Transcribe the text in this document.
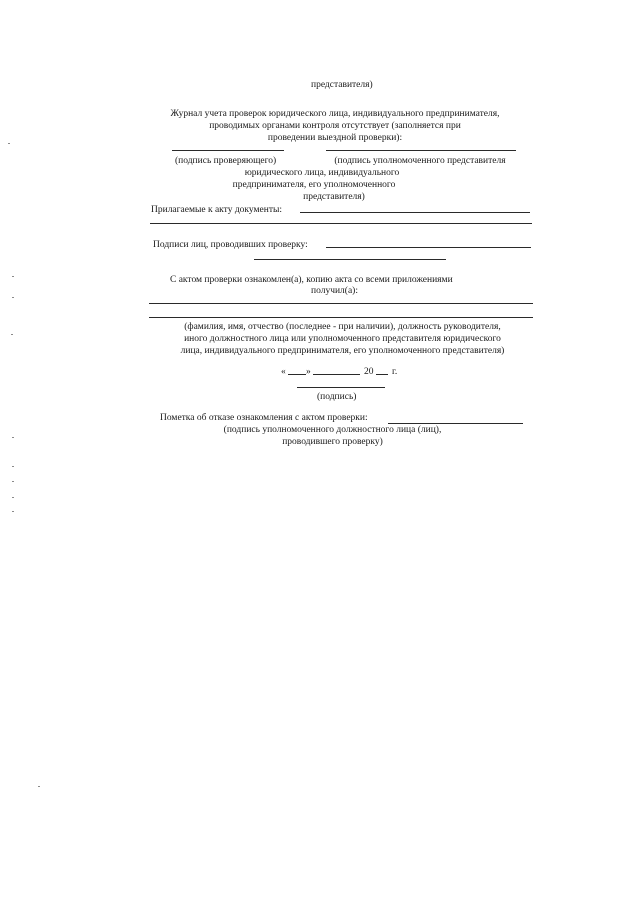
представителя)
Журнал учета проверок юридического лица, индивидуального предпринимателя,
проводимых органами контроля отсутствует (заполняется при
проведении выездной проверки):
(подпись проверяющего)	(подпись уполномоченного представителя
юридического лица, индивидуального
предпринимателя, его уполномоченного
представителя)
Прилагаемые к акту документы:
Подписи лиц, проводивших проверку:
С актом проверки ознакомлен(а), копию акта со всеми приложениями
получил(а):
(фамилия, имя, отчество (последнее - при наличии), должность руководителя,
иного должностного лица или уполномоченного представителя юридического
лица, индивидуального предпринимателя, его уполномоченного представителя)
« »	20 г.
(подпись)
Пометка об отказе ознакомления с актом проверки:
(подпись уполномоченного должностного лица (лиц),
проводившего проверку)
